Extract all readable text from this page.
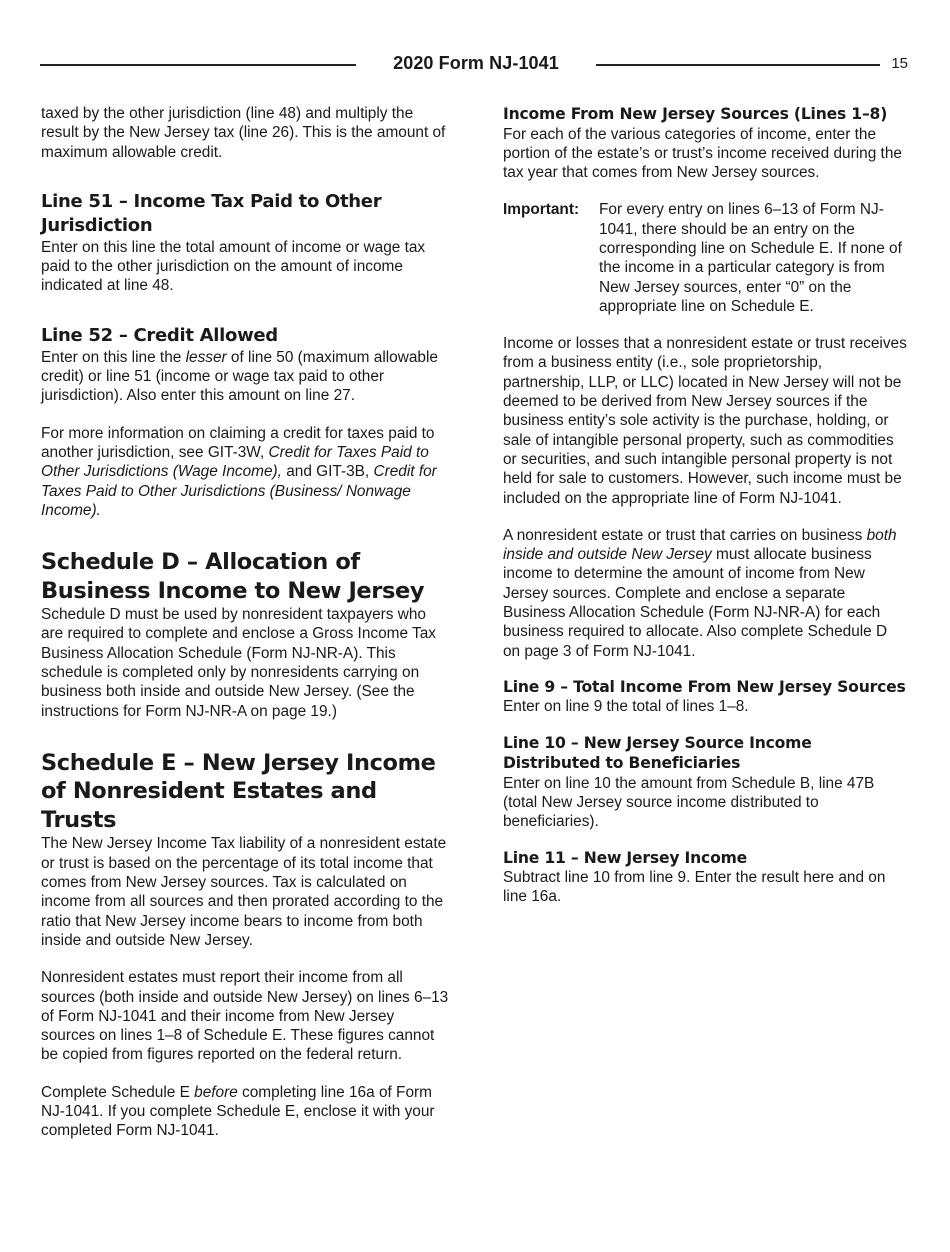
2020 Form NJ-1041	15

taxed by the other jurisdiction (line 48) and multiply the result by the New Jersey tax (line 26). This is the amount of maximum allowable credit.

Line 51 – Income Tax Paid to Other Jurisdiction

Enter on this line the total amount of income or wage tax paid to the other jurisdiction on the amount of income indicated at line 48.

Line 52 – Credit Allowed

Enter on this line the lesser of line 50 (maximum allowable credit) or line 51 (income or wage tax paid to other jurisdiction). Also enter this amount on line 27.

For more information on claiming a credit for taxes paid to another jurisdiction, see GIT-3W, Credit for Taxes Paid to Other Jurisdictions (Wage Income), and GIT-3B, Credit for Taxes Paid to Other Jurisdictions (Business/ Nonwage Income).

Schedule D – Allocation of Business Income to New Jersey

Schedule D must be used by nonresident taxpayers who are required to complete and enclose a Gross Income Tax Business Allocation Schedule (Form NJ-NR-A). This schedule is completed only by nonresidents carrying on business both inside and outside New Jersey. (See the instructions for Form NJ-NR-A on page 19.)

Schedule E – New Jersey Income of Nonresident Estates and Trusts

The New Jersey Income Tax liability of a nonresident estate or trust is based on the percentage of its total income that comes from New Jersey sources. Tax is calculated on income from all sources and then prorated according to the ratio that New Jersey income bears to income from both inside and outside New Jersey.

Nonresident estates must report their income from all sources (both inside and outside New Jersey) on lines 6–13 of Form NJ-1041 and their income from New Jersey sources on lines 1–8 of Schedule E. These figures cannot be copied from figures reported on the federal return.

Complete Schedule E before completing line 16a of Form NJ-1041. If you complete Schedule E, enclose it with your completed Form NJ-1041.

Income From New Jersey Sources (Lines 1–8)

For each of the various categories of income, enter the portion of the estate’s or trust’s income received during the tax year that comes from New Jersey sources.

Important:	For every entry on lines 6–13 of Form NJ-1041, there should be an entry on the corresponding line on Schedule E. If none of the income in a particular category is from New Jersey sources, enter “0” on the appropriate line on Schedule E.

Income or losses that a nonresident estate or trust receives from a business entity (i.e., sole proprietorship, partnership, LLP, or LLC) located in New Jersey will not be deemed to be derived from New Jersey sources if the business entity’s sole activity is the purchase, holding, or sale of intangible personal property, such as commodities or securities, and such intangible personal property is not held for sale to customers. However, such income must be included on the appropriate line of Form NJ-1041.

A nonresident estate or trust that carries on business both inside and outside New Jersey must allocate business income to determine the amount of income from New Jersey sources. Complete and enclose a separate Business Allocation Schedule (Form NJ-NR-A) for each business required to allocate. Also complete Schedule D on page 3 of Form NJ-1041.

Line 9 – Total Income From New Jersey Sources

Enter on line 9 the total of lines 1–8.

Line 10 – New Jersey Source Income Distributed to Beneficiaries

Enter on line 10 the amount from Schedule B, line 47B (total New Jersey source income distributed to beneficiaries).

Line 11 – New Jersey Income

Subtract line 10 from line 9. Enter the result here and on line 16a.
